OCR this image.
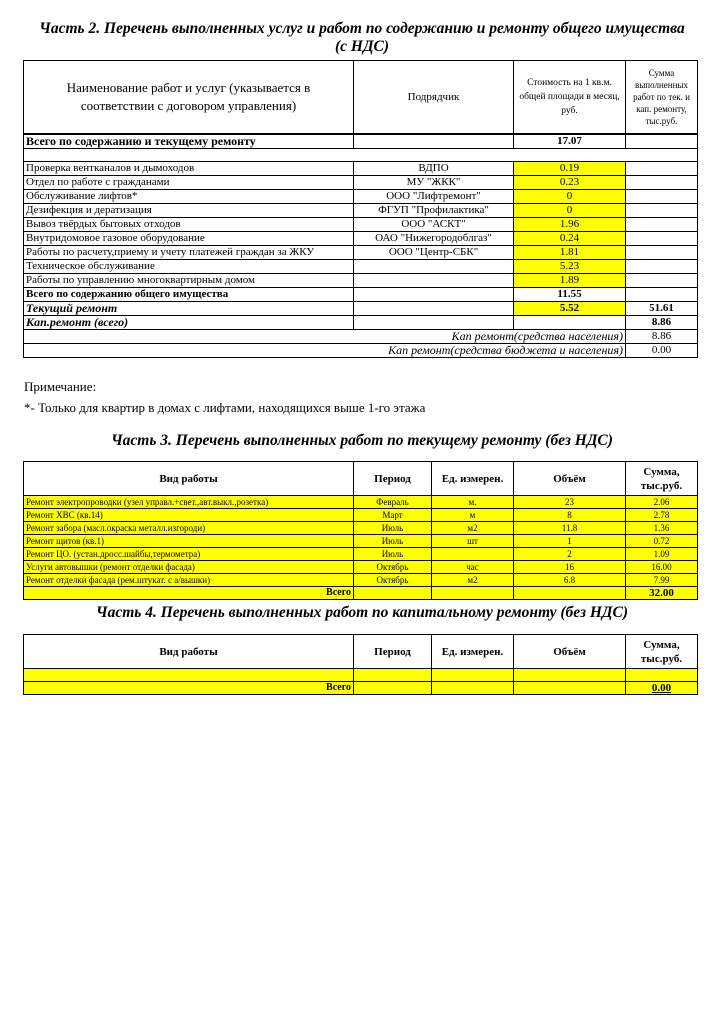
Часть 2. Перечень выполненных услуг и работ по содержанию и ремонту общего имущества
(с НДС)
Наименование работ и услуг (указывается в соответствии с договором управления)	Подрядчик	Стоимость на 1 кв.м. общей площади в месяц, руб.	Сумма выполненных работ по тек. и кап. ремонту, тыс.руб.
Всего по содержанию и текущему ремонту		17.07	

Проверка вентканалов и дымоходов	ВДПО	0.19	
Отдел по работе с гражданами	МУ "ЖКК"	0.23	
Обслуживание лифтов*	ООО "Лифтремонт"	0	
Дезифекция и дератизация	ФГУП "Профилактика"	0	
Вывоз твёрдых бытовых отходов	ООО "АСКТ"	1.96	
Внутридомовое газовое оборудование	ОАО "Нижегородоблгаз"	0.24	
Работы по расчету,приему и учету платежей граждан за ЖКУ	ООО "Центр-СБК"	1.81	
Техническое обслуживание		5.23	
Работы по управлению многоквартирным домом		1.89	
Всего по содержанию общего имущества		11.55	
Текущий ремонт		5.52	51.61
Кап.ремонт (всего)			8.86
Кап ремонт(средства населения)			8.86
Кап ремонт(средства бюджета и населения)			0.00
Примечание:
*- Только для квартир в домах с лифтами, находящихся выше 1-го этажа
Часть 3. Перечень выполненных работ по текущему ремонту (без НДС)
Вид работы	Период	Ед. измерен.	Объём	Сумма, тыс.руб.
Ремонт электропроводки (узел управл.+свет.,авт.выкл.,розетка)	Февраль	м.	23	2.06
Ремонт ХВС (кв.14)	Март	м	8	2.78
Ремонт забора (масл.окраска металл.изгороди)	Июль	м2	11.8	1.36
Ремонт щитов (кв.1)	Июль	шт	1	0.72
Ремонт ЦО. (устан.дросс.шайбы,термометра)	Июль		2	1.09
Услуги автовышки (ремонт отделки фасада)	Октябрь	час	16	16.00
Ремонт отделки фасада (рем.штукат. с а/вышки)	Октябрь	м2	6.8	7.99
Всего				32.00
Часть 4. Перечень выполненных работ по капитальному ремонту (без НДС)
Вид работы	Период	Ед. измерен.	Объём	Сумма, тыс.руб.

Всего				0.00
